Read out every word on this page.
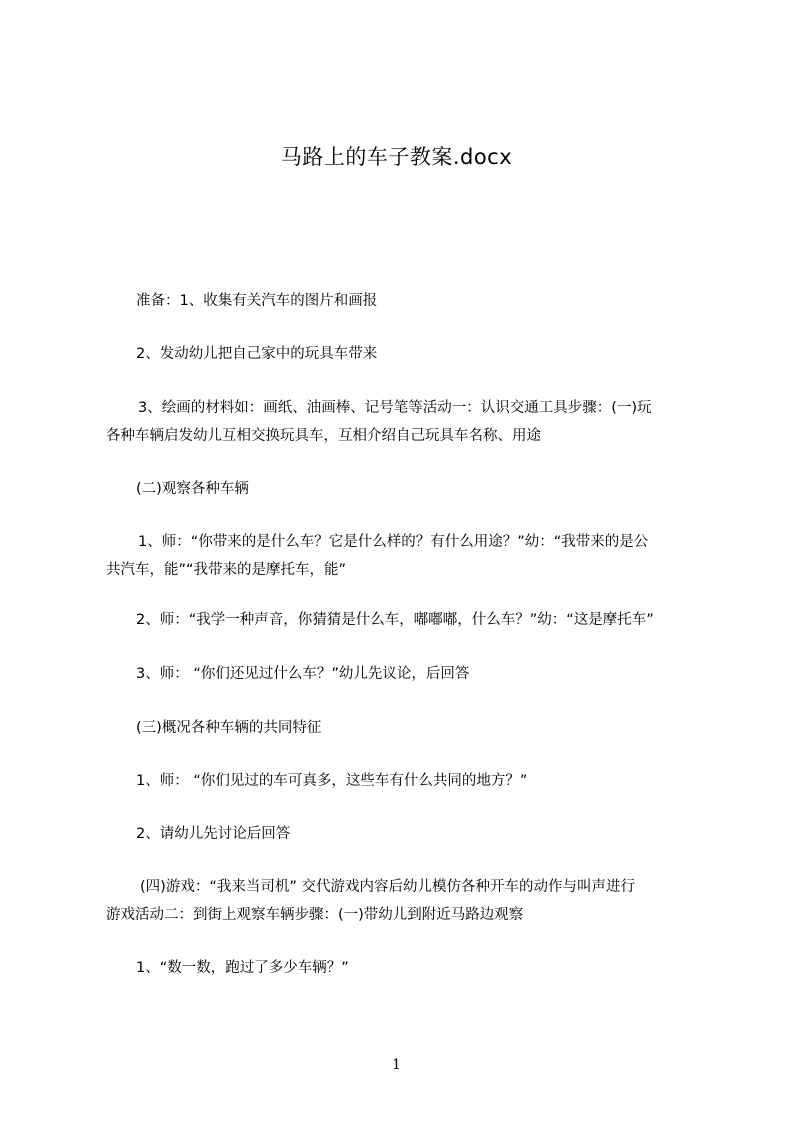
马路上的车子教案.docx
准备：1、收集有关汽车的图片和画报
2、发动幼儿把自己家中的玩具车带来
3、绘画的材料如：画纸、油画棒、记号笔等活动一：认识交通工具步骤：(一)玩
各种车辆启发幼儿互相交换玩具车，互相介绍自己玩具车名称、用途
(二)观察各种车辆
1、师：“你带来的是什么车？它是什么样的？有什么用途？”幼：“我带来的是公
共汽车，能”“我带来的是摩托车，能”
2、师：“我学一种声音，你猜猜是什么车，嘟嘟嘟，什么车？”幼：“这是摩托车”
3、师： “你们还见过什么车？”幼儿先议论，后回答
(三)概况各种车辆的共同特征
1、师： “你们见过的车可真多，这些车有什么共同的地方？”
2、请幼儿先讨论后回答
(四)游戏：“我来当司机” 交代游戏内容后幼儿模仿各种开车的动作与叫声进行
游戏活动二：到街上观察车辆步骤：(一)带幼儿到附近马路边观察
1、“数一数，跑过了多少车辆？”
1
